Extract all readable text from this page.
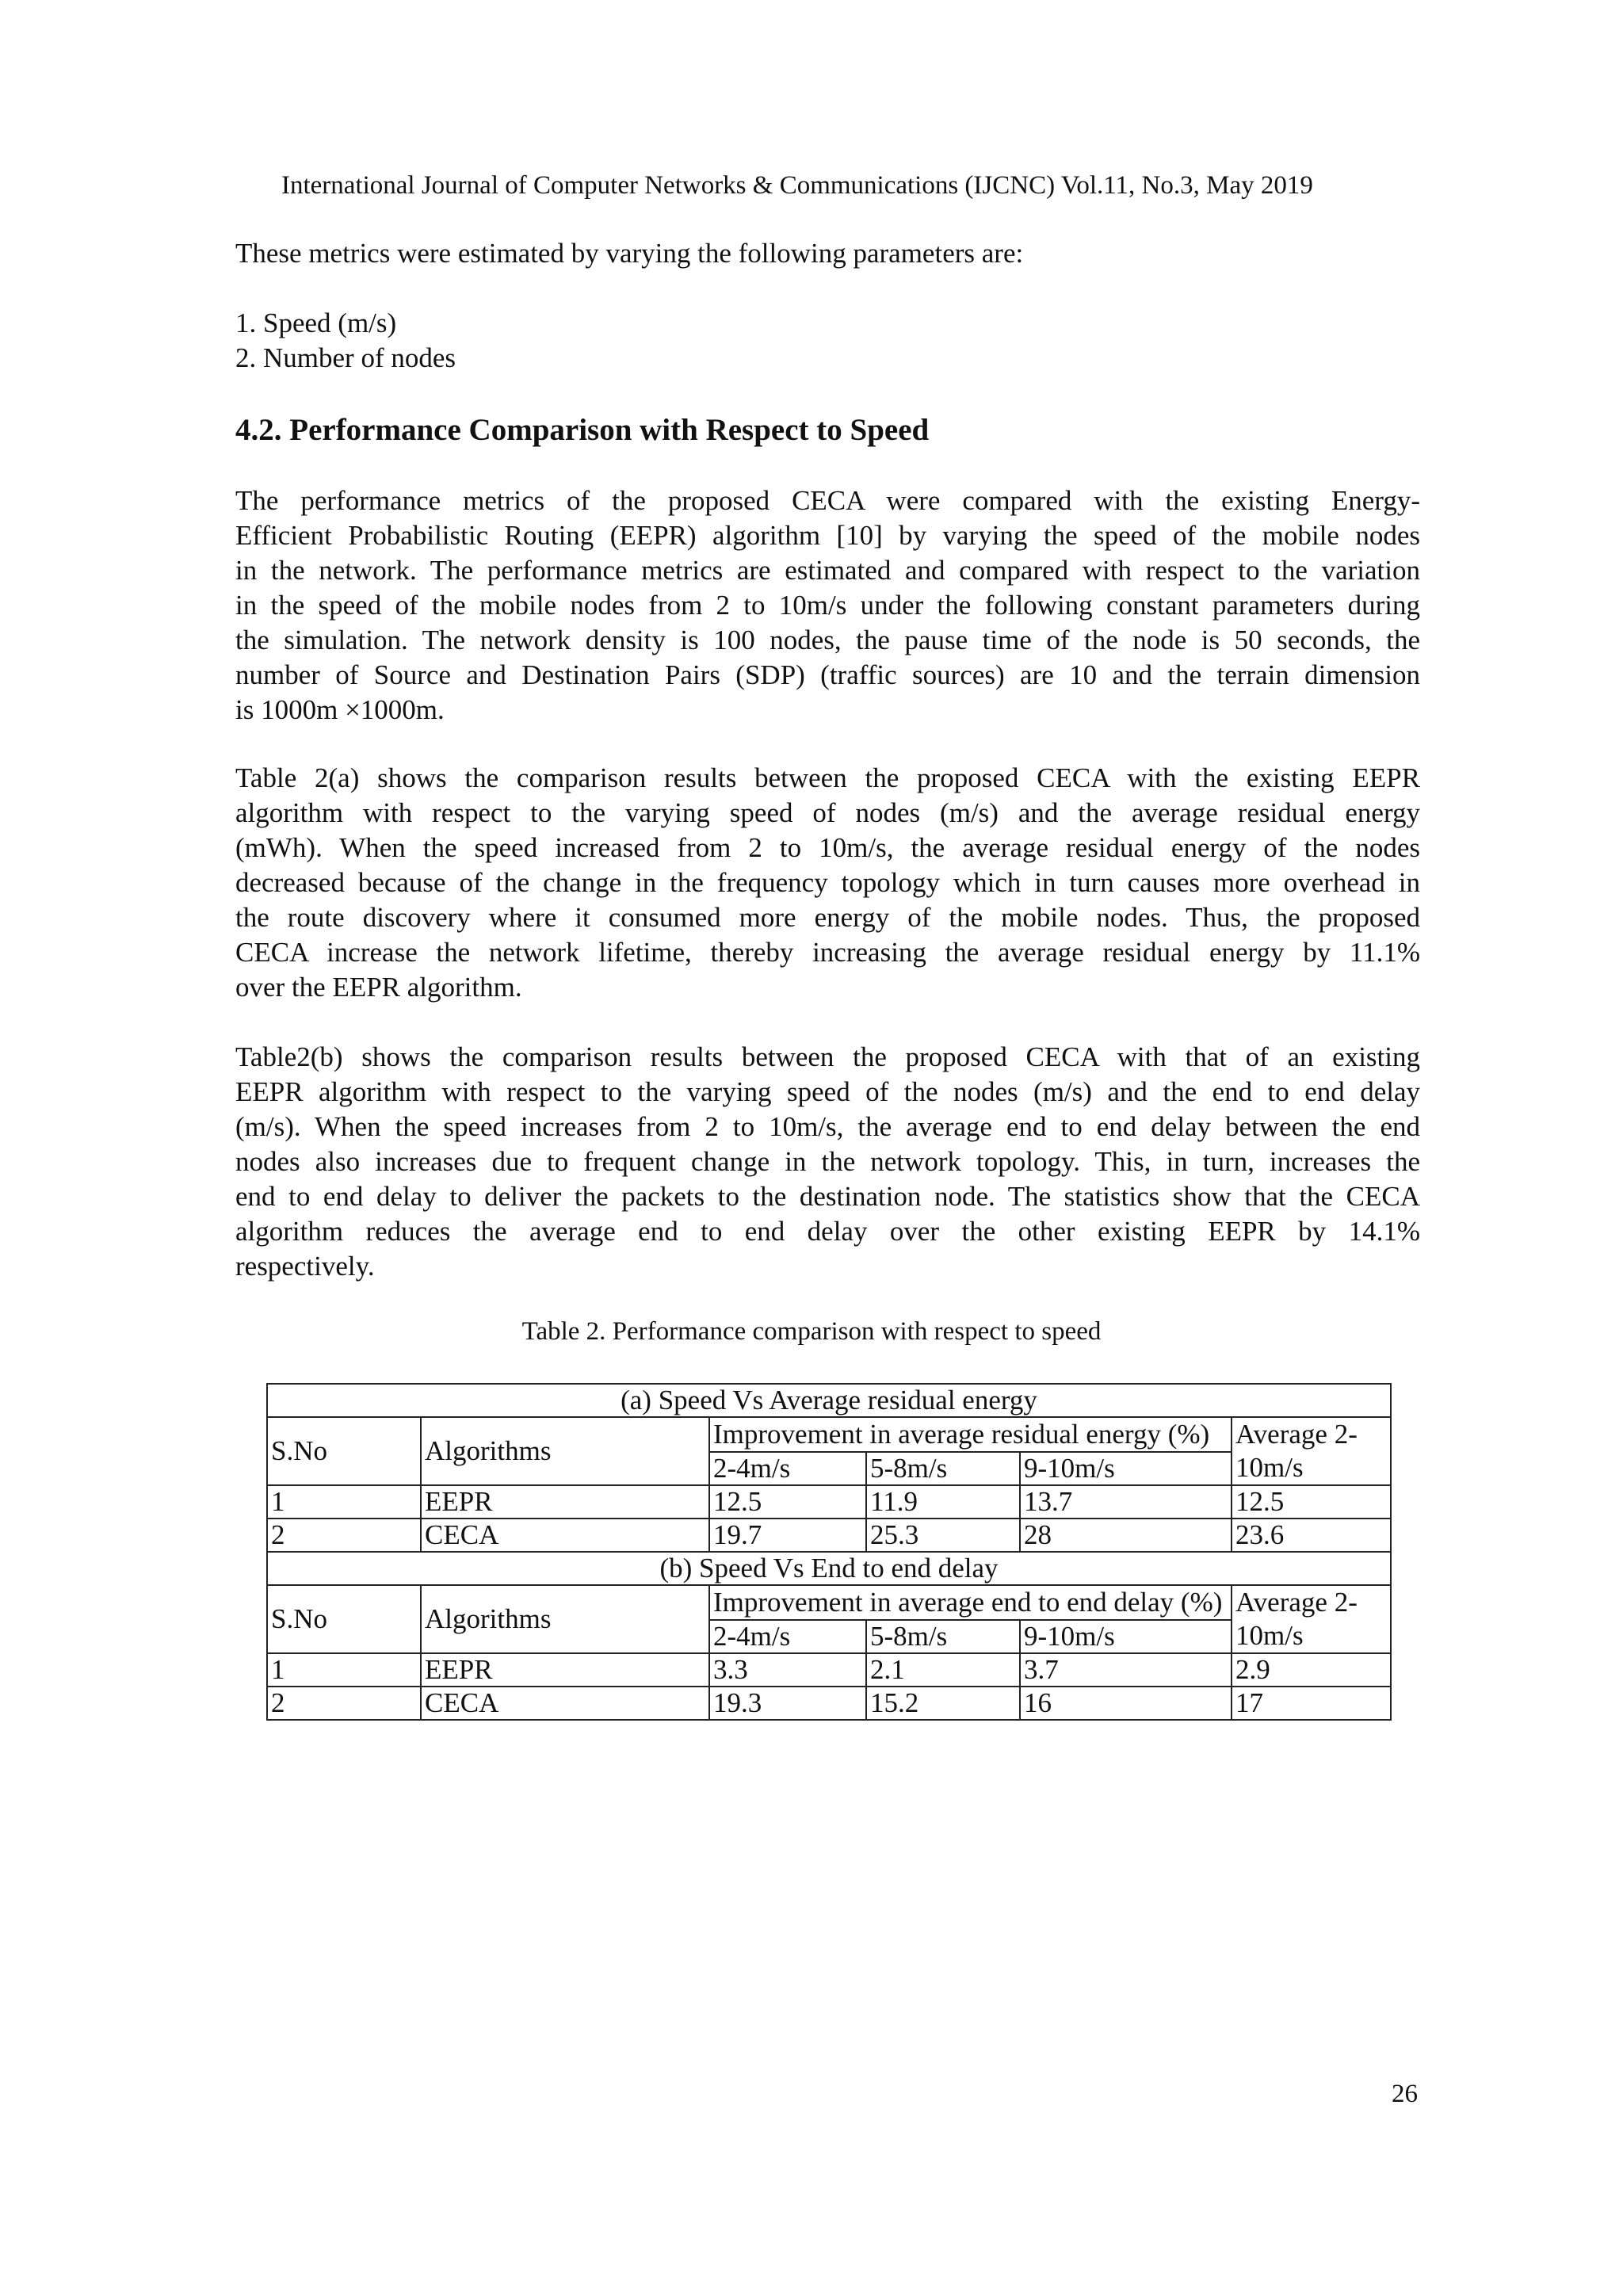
International Journal of Computer Networks & Communications (IJCNC) Vol.11, No.3, May 2019
These metrics were estimated by varying the following parameters are:
1. Speed (m/s)
2. Number of nodes
4.2. Performance Comparison with Respect to Speed
The performance metrics of the proposed CECA were compared with the existing Energy-
Efficient Probabilistic Routing (EEPR) algorithm [10] by varying the speed of the mobile nodes
in the network. The performance metrics are estimated and compared with respect to the variation
in the speed of the mobile nodes from 2 to 10m/s under the following constant parameters during
the simulation. The network density is 100 nodes, the pause time of the node is 50 seconds, the
number of Source and Destination Pairs (SDP) (traffic sources) are 10 and the terrain dimension
is 1000m ×1000m.
Table 2(a) shows the comparison results between the proposed CECA with the existing EEPR
algorithm with respect to the varying speed of nodes (m/s) and the average residual energy
(mWh). When the speed increased from 2 to 10m/s, the average residual energy of the nodes
decreased because of the change in the frequency topology which in turn causes more overhead in
the route discovery where it consumed more energy of the mobile nodes. Thus, the proposed
CECA increase the network lifetime, thereby increasing the average residual energy by 11.1%
over the EEPR algorithm.
Table2(b) shows the comparison results between the proposed CECA with that of an existing
EEPR algorithm with respect to the varying speed of the nodes (m/s) and the end to end delay
(m/s). When the speed increases from 2 to 10m/s, the average end to end delay between the end
nodes also increases due to frequent change in the network topology. This, in turn, increases the
end to end delay to deliver the packets to the destination node. The statistics show that the CECA
algorithm reduces the average end to end delay over the other existing EEPR by 14.1%
respectively.
Table 2. Performance comparison with respect to speed
(a) Speed Vs Average residual energy					
S.No	Algorithms	Improvement in average residual energy (%)			Average 2-10m/s
		2-4m/s	5-8m/s	9-10m/s	
1	EEPR	12.5	11.9	13.7	12.5
2	CECA	19.7	25.3	28	23.6
(b) Speed Vs End to end delay					
S.No	Algorithms	Improvement in average end to end delay (%)			Average 2-10m/s
		2-4m/s	5-8m/s	9-10m/s	
1	EEPR	3.3	2.1	3.7	2.9
2	CECA	19.3	15.2	16	17
26
